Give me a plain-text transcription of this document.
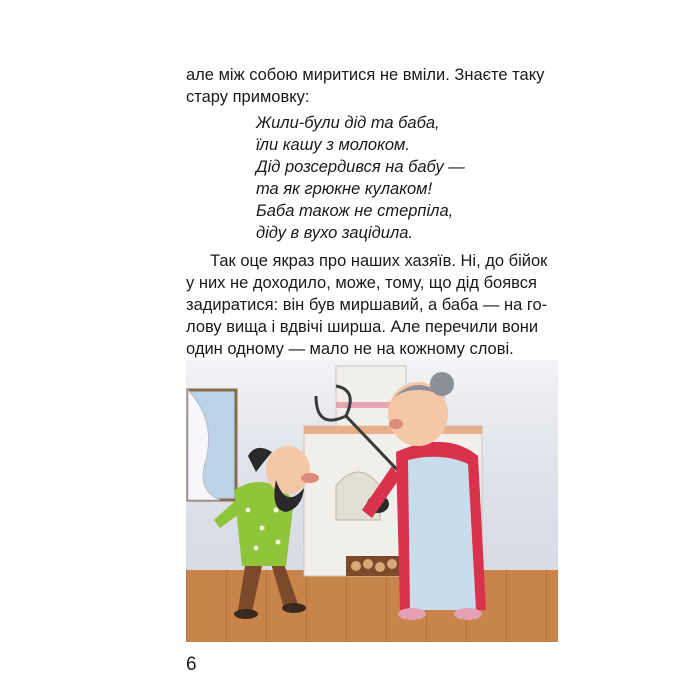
але між собою миритися не вміли. Знаєте таку

стару примовку:

Жили-були дід та баба,
їли кашу з молоком.
Дід розсердився на бабу —
та як грюкне кулаком!
Баба також не стерпіла,
діду в вухо зацідила.

Так оце якраз про наших хазяїв. Ні, до бійок

у них не доходило, може, тому, що дід боявся

задиратися: він був миршавий, а баба — на го-

лову вища і вдвічі ширша. Але перечили вони

один одному — мало не на кожному слові.

6
